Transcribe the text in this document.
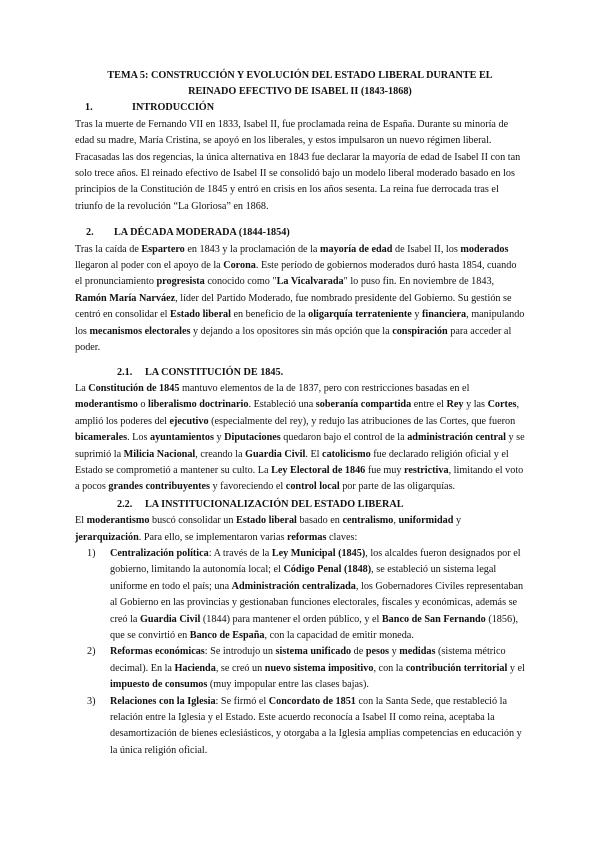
TEMA 5: CONSTRUCCIÓN Y EVOLUCIÓN DEL ESTADO LIBERAL DURANTE EL
REINADO EFECTIVO DE ISABEL II (1843-1868)
1.	INTRODUCCIÓN

Tras la muerte de Fernando VII en 1833, Isabel II, fue proclamada reina de España. Durante su minoría de edad su madre, María Cristina, se apoyó en los liberales, y estos impulsaron un nuevo régimen liberal. Fracasadas las dos regencias, la única alternativa en 1843 fue declarar la mayoría de edad de Isabel II con tan solo trece años. El reinado efectivo de Isabel II se consolidó bajo un modelo liberal moderado basado en los principios de la Constitución de 1845 y entró en crisis en los años sesenta. La reina fue derrocada tras el triunfo de la revolución “La Gloriosa” en 1868.

2. LA DÉCADA MODERADA (1844-1854)

Tras la caída de Espartero en 1843 y la proclamación de la mayoría de edad de Isabel II, los moderados llegaron al poder con el apoyo de la Corona. Este período de gobiernos moderados duró hasta 1854, cuando el pronunciamiento progresista conocido como "La Vicalvarada" lo puso fin. En noviembre de 1843, Ramón María Narváez, líder del Partido Moderado, fue nombrado presidente del Gobierno. Su gestión se centró en consolidar el Estado liberal en beneficio de la oligarquía terrateniente y financiera, manipulando los mecanismos electorales y dejando a los opositores sin más opción que la conspiración para acceder al poder.

2.1. LA CONSTITUCIÓN DE 1845.

La Constitución de 1845 mantuvo elementos de la de 1837, pero con restricciones basadas en el moderantismo o liberalismo doctrinario. Estableció una soberanía compartida entre el Rey y las Cortes, amplió los poderes del ejecutivo (especialmente del rey), y redujo las atribuciones de las Cortes, que fueron bicamerales. Los ayuntamientos y Diputaciones quedaron bajo el control de la administración central y se suprimió la Milicia Nacional, creando la Guardia Civil. El catolicismo fue declarado religión oficial y el Estado se comprometió a mantener su culto. La Ley Electoral de 1846 fue muy restrictiva, limitando el voto a pocos grandes contribuyentes y favoreciendo el control local por parte de las oligarquías.

2.2. LA INSTITUCIONALIZACIÓN DEL ESTADO LIBERAL

El moderantismo buscó consolidar un Estado liberal basado en centralismo, uniformidad y jerarquización. Para ello, se implementaron varias reformas claves:

1) Centralización política: A través de la Ley Municipal (1845), los alcaldes fueron designados por el gobierno, limitando la autonomía local; el Código Penal (1848), se estableció un sistema legal uniforme en todo el país; una Administración centralizada, los Gobernadores Civiles representaban al Gobierno en las provincias y gestionaban funciones electorales, fiscales y económicas, además se creó la Guardia Civil (1844) para mantener el orden público, y el Banco de San Fernando (1856), que se convirtió en Banco de España, con la capacidad de emitir moneda.
2) Reformas económicas: Se introdujo un sistema unificado de pesos y medidas (sistema métrico decimal). En la Hacienda, se creó un nuevo sistema impositivo, con la contribución territorial y el impuesto de consumos (muy impopular entre las clases bajas).
3) Relaciones con la Iglesia: Se firmó el Concordato de 1851 con la Santa Sede, que restableció la relación entre la Iglesia y el Estado. Este acuerdo reconocía a Isabel II como reina, aceptaba la desamortización de bienes eclesiásticos, y otorgaba a la Iglesia amplias competencias en educación y la única religión oficial.
